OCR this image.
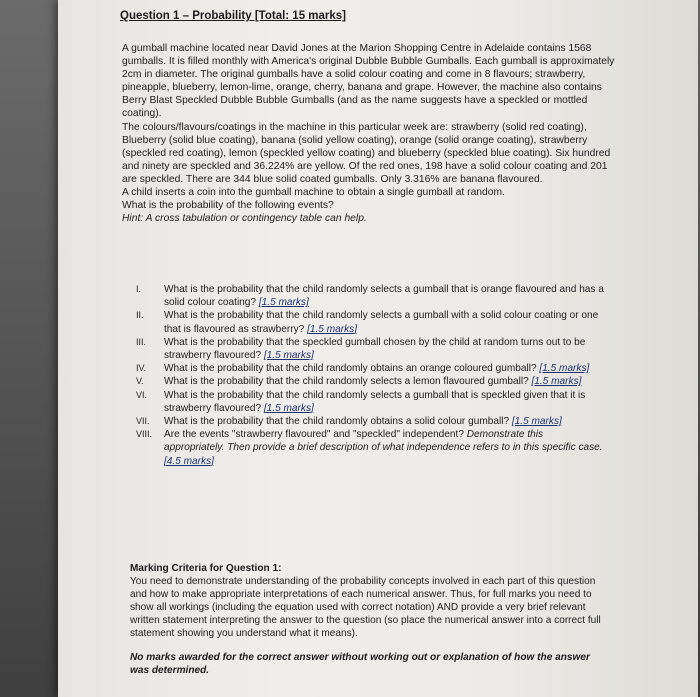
Question 1 – Probability [Total: 15 marks]

A gumball machine located near David Jones at the Marion Shopping Centre in Adelaide contains 1568 gumballs. It is filled monthly with America's original Dubble Bubble Gumballs. Each gumball is approximately 2cm in diameter. The original gumballs have a solid colour coating and come in 8 flavours; strawberry, pineapple, blueberry, lemon-lime, orange, cherry, banana and grape. However, the machine also contains Berry Blast Speckled Dubble Bubble Gumballs (and as the name suggests have a speckled or mottled coating).

The colours/flavours/coatings in the machine in this particular week are: strawberry (solid red coating), Blueberry (solid blue coating), banana (solid yellow coating), orange (solid orange coating), strawberry (speckled red coating), lemon (speckled yellow coating) and blueberry (speckled blue coating). Six hundred and ninety are speckled and 36.224% are yellow. Of the red ones, 198 have a solid colour coating and 201 are speckled. There are 344 blue solid coated gumballs. Only 3.316% are banana flavoured.

A child inserts a coin into the gumball machine to obtain a single gumball at random.

What is the probability of the following events?

Hint: A cross tabulation or contingency table can help.

I.	What is the probability that the child randomly selects a gumball that is orange flavoured and has a solid colour coating? [1.5 marks]
II.	What is the probability that the child randomly selects a gumball with a solid colour coating or one that is flavoured as strawberry? [1.5 marks]
III.	What is the probability that the speckled gumball chosen by the child at random turns out to be strawberry flavoured? [1.5 marks]
IV.	What is the probability that the child randomly obtains an orange coloured gumball? [1.5 marks]
V.	What is the probability that the child randomly selects a lemon flavoured gumball? [1.5 marks]
VI.	What is the probability that the child randomly selects a gumball that is speckled given that it is strawberry flavoured? [1.5 marks]
VII.	What is the probability that the child randomly obtains a solid colour gumball? [1.5 marks]
VIII.	Are the events "strawberry flavoured" and "speckled" independent? Demonstrate this appropriately. Then provide a brief description of what independence refers to in this specific case. [4.5 marks]

Marking Criteria for Question 1:

You need to demonstrate understanding of the probability concepts involved in each part of this question and how to make appropriate interpretations of each numerical answer. Thus, for full marks you need to show all workings (including the equation used with correct notation) AND provide a very brief relevant written statement interpreting the answer to the question (so place the numerical answer into a correct full statement showing you understand what it means).

No marks awarded for the correct answer without working out or explanation of how the answer was determined.
